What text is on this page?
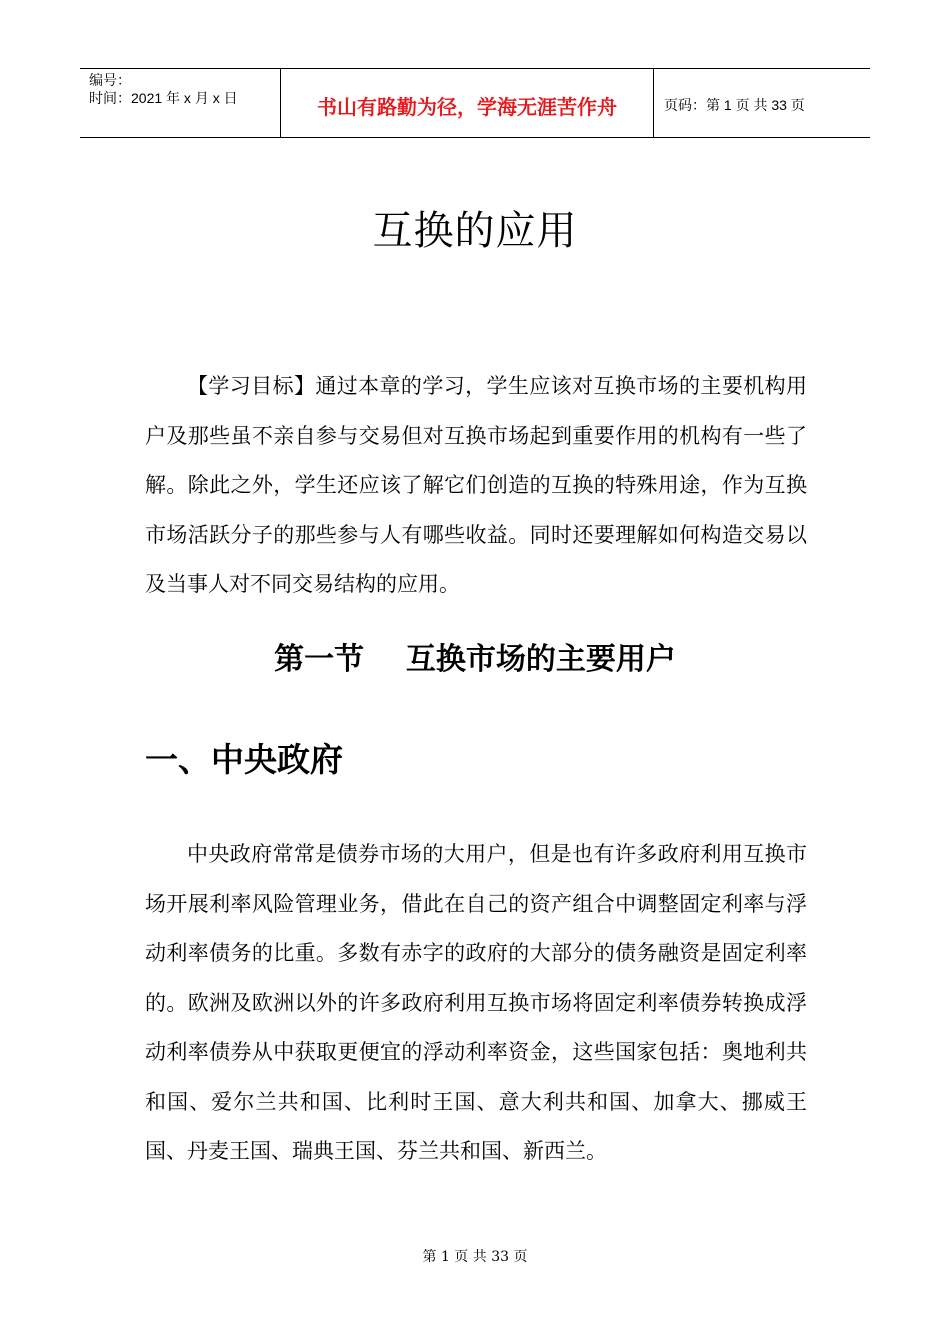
编号：
时间：2021 年 x 月 x 日	书山有路勤为径，学海无涯苦作舟	页码：第 1 页 共 33 页
互换的应用

【学习目标】通过本章的学习，学生应该对互换市场的主要机构用户及那些虽不亲自参与交易但对互换市场起到重要作用的机构有一些了解。除此之外，学生还应该了解它们创造的互换的特殊用途，作为互换市场活跃分子的那些参与人有哪些收益。同时还要理解如何构造交易以及当事人对不同交易结构的应用。

第一节    互换市场的主要用户
一、中央政府

中央政府常常是债券市场的大用户，但是也有许多政府利用互换市场开展利率风险管理业务，借此在自己的资产组合中调整固定利率与浮动利率债务的比重。多数有赤字的政府的大部分的债务融资是固定利率的。欧洲及欧洲以外的许多政府利用互换市场将固定利率债券转换成浮动利率债券从中获取更便宜的浮动利率资金，这些国家包括：奥地利共和国、爱尔兰共和国、比利时王国、意大利共和国、加拿大、挪威王国、丹麦王国、瑞典王国、芬兰共和国、新西兰。

第 1 页 共 33 页
